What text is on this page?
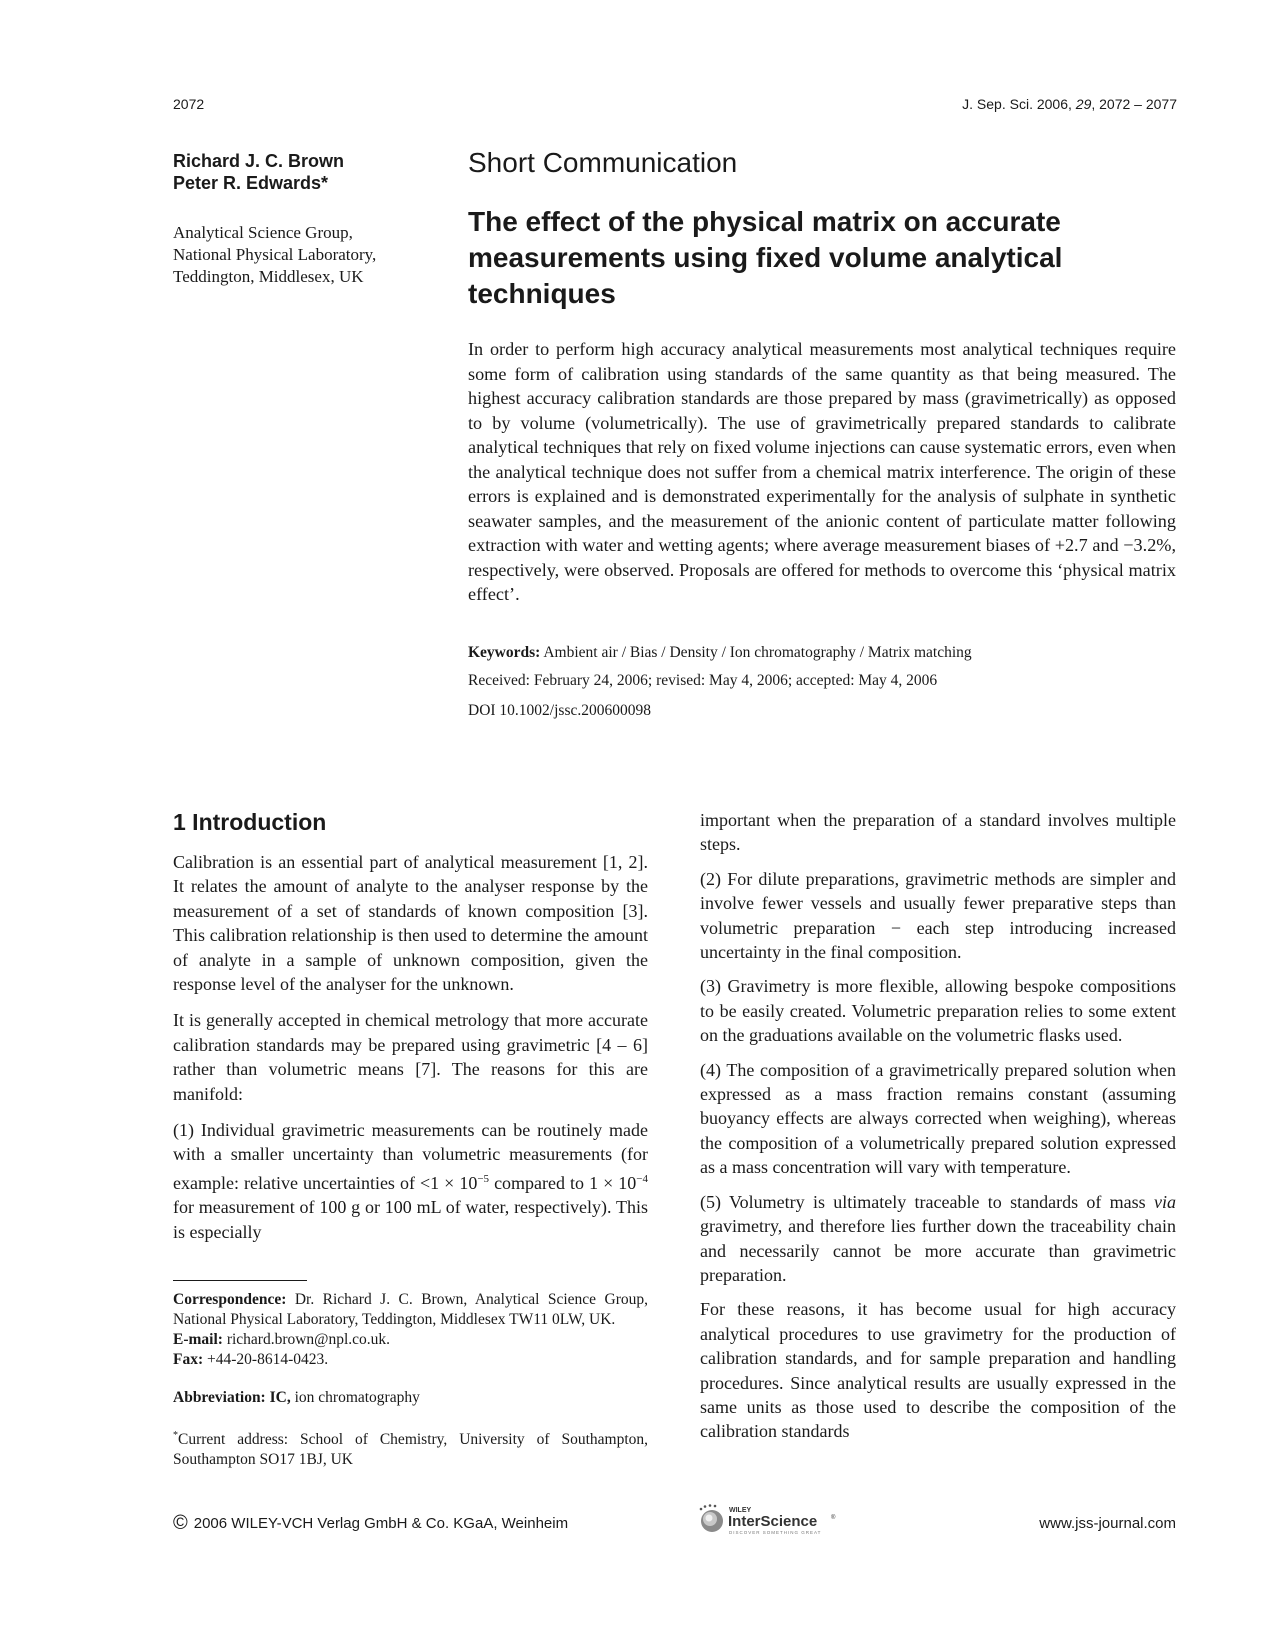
2072	J. Sep. Sci. 2006, 29, 2072 – 2077
Richard J. C. Brown
Peter R. Edwards*
Analytical Science Group,
National Physical Laboratory,
Teddington, Middlesex, UK
Short Communication
The effect of the physical matrix on accurate measurements using fixed volume analytical techniques

In order to perform high accuracy analytical measurements most analytical techniques require some form of calibration using standards of the same quantity as that being measured. The highest accuracy calibration standards are those prepared by mass (gravimetrically) as opposed to by volume (volumetrically). The use of gravimetrically prepared standards to calibrate analytical techniques that rely on fixed volume injections can cause systematic errors, even when the analytical technique does not suffer from a chemical matrix interference. The origin of these errors is explained and is demonstrated experimentally for the analysis of sulphate in synthetic seawater samples, and the measurement of the anionic content of particulate matter following extraction with water and wetting agents; where average measurement biases of +2.7 and −3.2%, respectively, were observed. Proposals are offered for methods to overcome this ‘physical matrix effect’.

Keywords: Ambient air / Bias / Density / Ion chromatography / Matrix matching
Received: February 24, 2006; revised: May 4, 2006; accepted: May 4, 2006
DOI 10.1002/jssc.200600098
1 Introduction

Calibration is an essential part of analytical measurement [1, 2]. It relates the amount of analyte to the analyser response by the measurement of a set of standards of known composition [3]. This calibration relationship is then used to determine the amount of analyte in a sample of unknown composition, given the response level of the analyser for the unknown.

It is generally accepted in chemical metrology that more accurate calibration standards may be prepared using gravimetric [4 – 6] rather than volumetric means [7]. The reasons for this are manifold:

(1) Individual gravimetric measurements can be routinely made with a smaller uncertainty than volumetric measurements (for example: relative uncertainties of $<1 \times 10^{-5}$ compared to $1 \times 10^{-4}$ for measurement of 100 g or 100 mL of water, respectively). This is especially

Correspondence: Dr. Richard J. C. Brown, Analytical Science Group, National Physical Laboratory, Teddington, Middlesex TW11 0LW, UK.

E-mail: richard.brown@npl.co.uk.

Fax: +44-20-8614-0423.

Abbreviation: IC, ion chromatography

*Current address: School of Chemistry, University of Southampton, Southampton SO17 1BJ, UK

important when the preparation of a standard involves multiple steps.

(2) For dilute preparations, gravimetric methods are simpler and involve fewer vessels and usually fewer preparative steps than volumetric preparation − each step introducing increased uncertainty in the final composition.

(3) Gravimetry is more flexible, allowing bespoke compositions to be easily created. Volumetric preparation relies to some extent on the graduations available on the volumetric flasks used.

(4) The composition of a gravimetrically prepared solution when expressed as a mass fraction remains constant (assuming buoyancy effects are always corrected when weighing), whereas the composition of a volumetrically prepared solution expressed as a mass concentration will vary with temperature.

(5) Volumetry is ultimately traceable to standards of mass via gravimetry, and therefore lies further down the traceability chain and necessarily cannot be more accurate than gravimetric preparation.

For these reasons, it has become usual for high accuracy analytical procedures to use gravimetry for the production of calibration standards, and for sample preparation and handling procedures. Since analytical results are usually expressed in the same units as those used to describe the composition of the calibration standards

© 2006 WILEY-VCH Verlag GmbH & Co. KGaA, Weinheim
WILEY
InterScience ®
DISCOVER SOMETHING GREAT
www.jss-journal.com
